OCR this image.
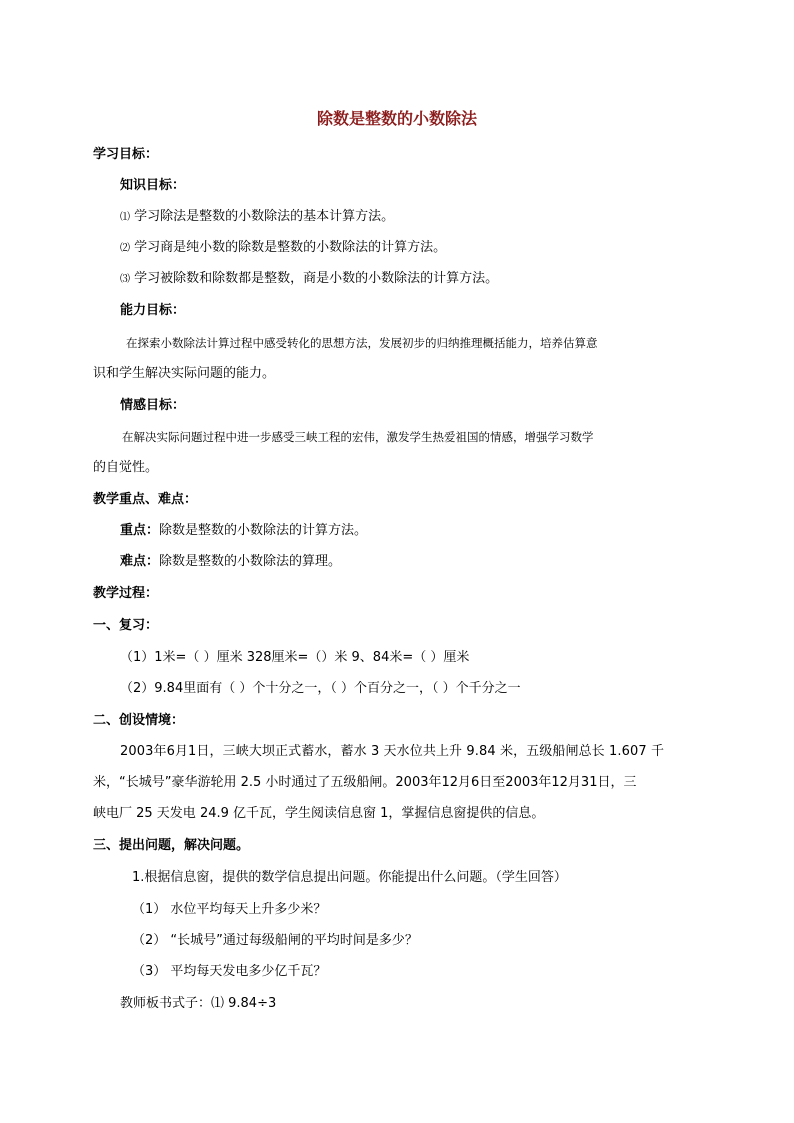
除数是整数的小数除法
学习目标：
知识目标：
⑴ 学习除法是整数的小数除法的基本计算方法。
⑵ 学习商是纯小数的除数是整数的小数除法的计算方法。
⑶ 学习被除数和除数都是整数，商是小数的小数除法的计算方法。
能力目标：
在探索小数除法计算过程中感受转化的思想方法，发展初步的归纳推理概括能力，培养估算意
识和学生解决实际问题的能力。
情感目标：
在解决实际问题过程中进一步感受三峡工程的宏伟，激发学生热爱祖国的情感，增强学习数学
的自觉性。
教学重点、难点：
重点：除数是整数的小数除法的计算方法。
难点：除数是整数的小数除法的算理。
教学过程：
一、复习：
（1）1米=（ ）厘米 328厘米=（）米 9、84米=（ ）厘米
（2）9.84里面有（ ）个十分之一，（ ）个百分之一，（ ）个千分之一
二、创设情境：
2003年6月1日，三峡大坝正式蓄水，蓄水 3 天水位共上升 9.84 米，五级船闸总长 1.607 千
米，“长城号”豪华游轮用 2.5 小时通过了五级船闸。2003年12月6日至2003年12月31日，三
峡电厂 25 天发电 24.9 亿千瓦，学生阅读信息窗 1，掌握信息窗提供的信息。
三、提出问题，解决问题。
1.根据信息窗，提供的数学信息提出问题。你能提出什么问题。（学生回答）
（1） 水位平均每天上升多少米？
（2） “长城号”通过每级船闸的平均时间是多少？
（3） 平均每天发电多少亿千瓦？
教师板书式子：⑴ 9.84÷3
